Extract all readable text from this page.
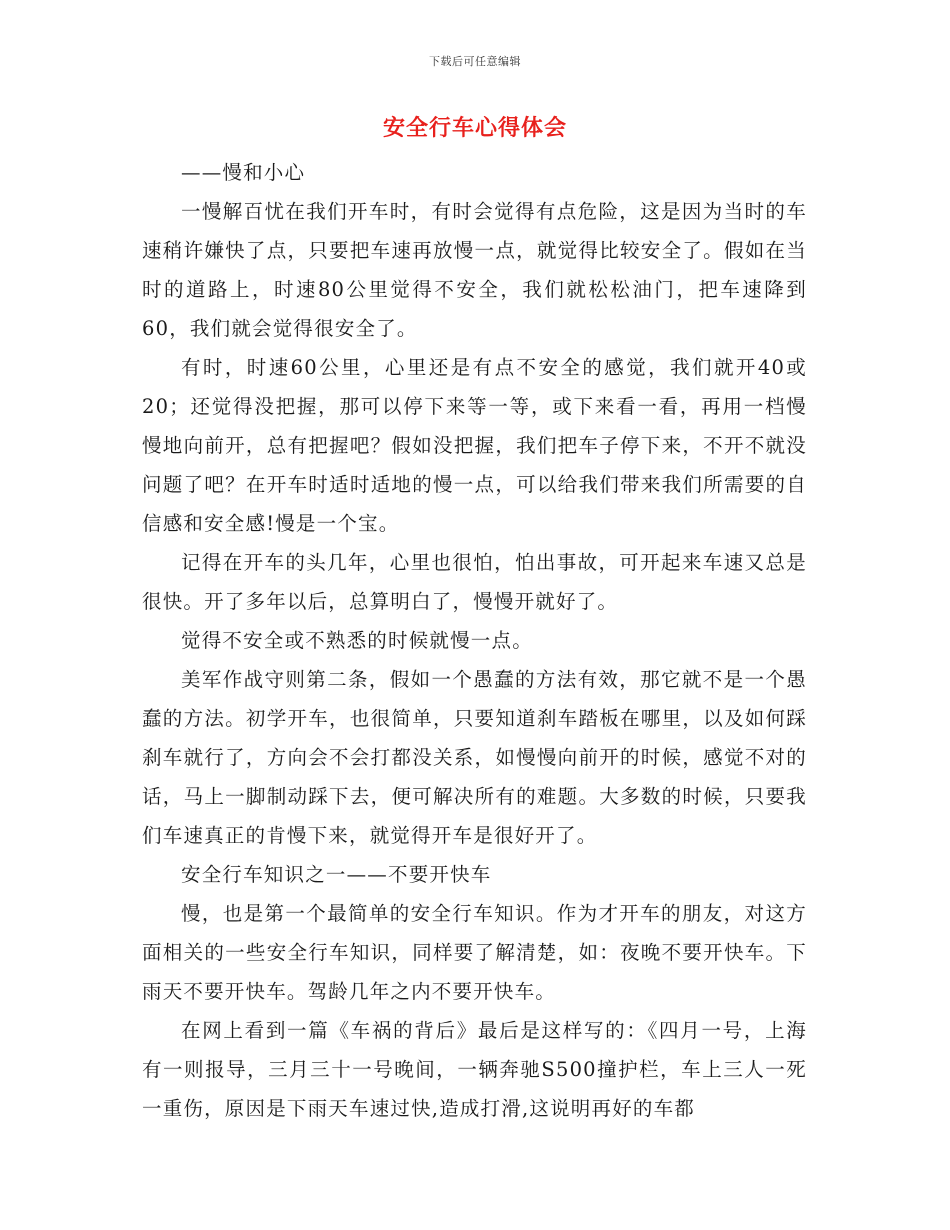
下载后可任意编辑
安全行车心得体会

——慢和小心

一慢解百忧在我们开车时，有时会觉得有点危险，这是因为当时的车速稍许嫌快了点，只要把车速再放慢一点，就觉得比较安全了。假如在当时的道路上，时速80公里觉得不安全，我们就松松油门，把车速降到60，我们就会觉得很安全了。

有时，时速60公里，心里还是有点不安全的感觉，我们就开40或20；还觉得没把握，那可以停下来等一等，或下来看一看，再用一档慢慢地向前开，总有把握吧？假如没把握，我们把车子停下来，不开不就没问题了吧？在开车时适时适地的慢一点，可以给我们带来我们所需要的自信感和安全感!慢是一个宝。

记得在开车的头几年，心里也很怕，怕出事故，可开起来车速又总是很快。开了多年以后，总算明白了，慢慢开就好了。

觉得不安全或不熟悉的时候就慢一点。

美军作战守则第二条，假如一个愚蠢的方法有效，那它就不是一个愚蠢的方法。初学开车，也很简单，只要知道刹车踏板在哪里，以及如何踩刹车就行了，方向会不会打都没关系，如慢慢向前开的时候，感觉不对的话，马上一脚制动踩下去，便可解决所有的难题。大多数的时候，只要我们车速真正的肯慢下来，就觉得开车是很好开了。

安全行车知识之一——不要开快车

慢，也是第一个最简单的安全行车知识。作为才开车的朋友，对这方面相关的一些安全行车知识，同样要了解清楚，如：夜晚不要开快车。下雨天不要开快车。驾龄几年之内不要开快车。

在网上看到一篇《车祸的背后》最后是这样写的：《四月一号，上海有一则报导，三月三十一号晚间，一辆奔驰S500撞护栏，车上三人一死一重伤，原因是下雨天车速过快,造成打滑,这说明再好的车都
